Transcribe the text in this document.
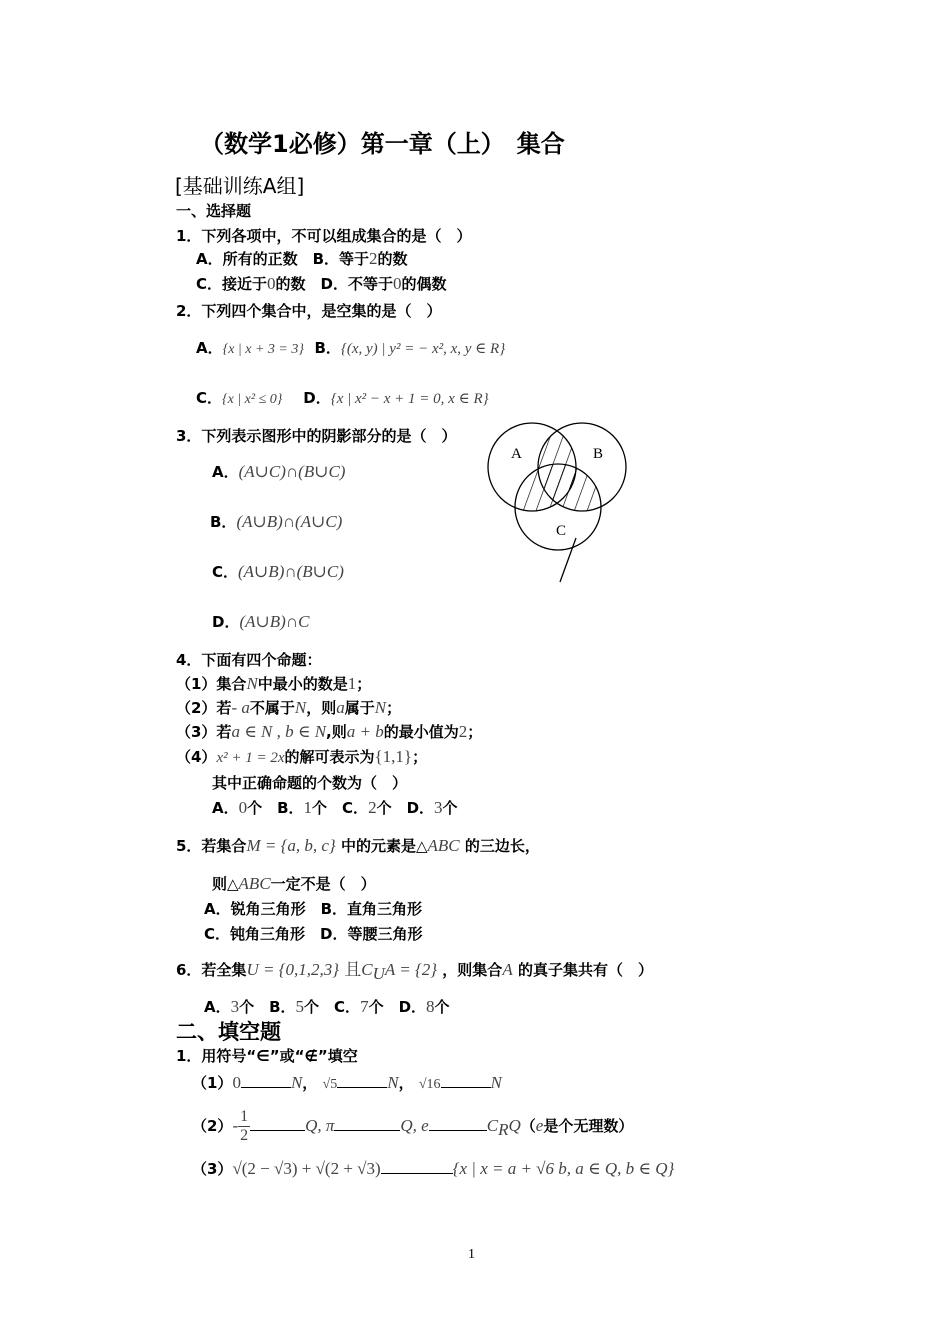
（数学1必修）第一章（上）　集合
[基础训练A组]
一、选择题
1．下列各项中，不可以组成集合的是（　）
A．所有的正数　B．等于2的数
C．接近于0的数　D．不等于0的偶数
2．下列四个集合中，是空集的是（　）
A．{x | x + 3 = 3} B．{(x, y) | y² = − x², x, y ∈ R}
C．{x | x² ≤ 0} D．{x | x² − x + 1 = 0, x ∈ R}
3．下列表示图形中的阴影部分的是（　）
A．(A∪C)∩(B∪C)
B．(A∪B)∩(A∪C)
C．(A∪B)∩(B∪C)
D．(A∪B)∩C
A	B
C
4．下面有四个命题：
（1）集合N中最小的数是1；
（2）若- a不属于N，则a属于N；
（3）若a ∈ N , b ∈ N,则a + b的最小值为2；
（4）x² + 1 = 2x的解可表示为{1,1}；
其中正确命题的个数为（　）
A．0个　B．1个　C．2个　D．3个
5．若集合M = {a, b, c} 中的元素是△ABC 的三边长，
则△ABC一定不是（　）
A．锐角三角形　B．直角三角形
C．钝角三角形　D．等腰三角形
6．若全集U = {0,1,2,3} 且$C_UA = \{2\}$ ，则集合A 的真子集共有（　）
A．3个　B．5个　C．7个　D．8个
二、填空题
1．用符号“∈”或“∉”填空
（1）0	N， √5	N， √16	N
$(2)- \frac{1}{2}$	Q, π	Q, e	$C_RQ(e$是个无理数）
（3）√(2 − √3) + √(2 + √3)	{x | x = a + √6 b, a ∈ Q, b ∈ Q}
1
